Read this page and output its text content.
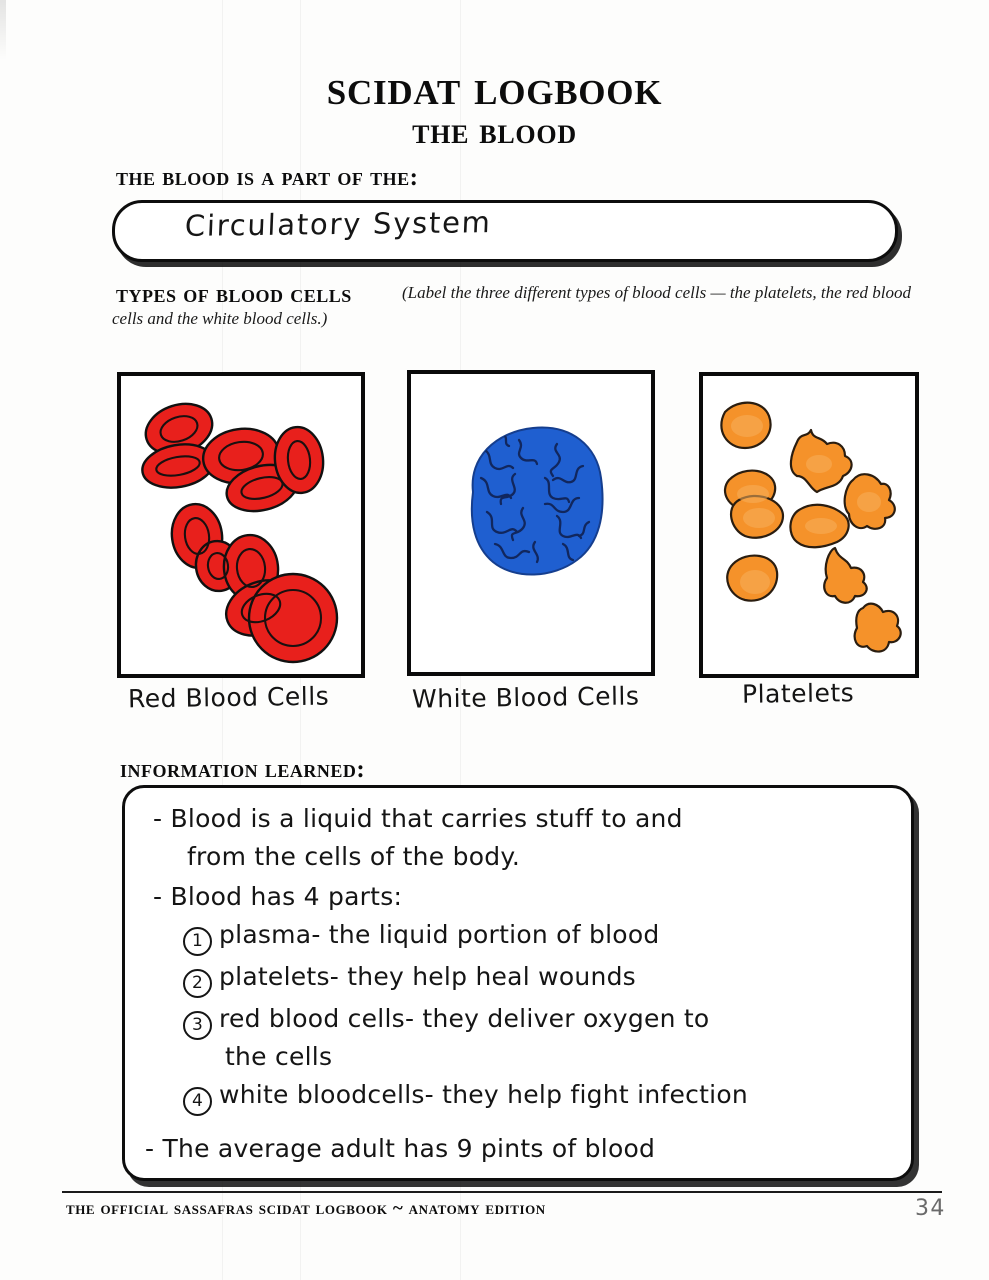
scidat logbook
the blood
the blood is a part of the:
Circulatory System
types of blood cells	(Label the three different types of blood cells — the platelets, the red blood cells and the white blood cells.)
Red Blood Cells	White Blood Cells	Platelets
information learned:
- Blood is a liquid that carries stuff to and
from the cells of the body.
- Blood has 4 parts:
1 plasma- the liquid portion of blood
2 platelets- they help heal wounds
3 red blood cells- they deliver oxygen to
the cells
4 white bloodcells- they help fight infection
- The average adult has 9 pints of blood
the official sassafras scidat logbook ~ anatomy edition	34
